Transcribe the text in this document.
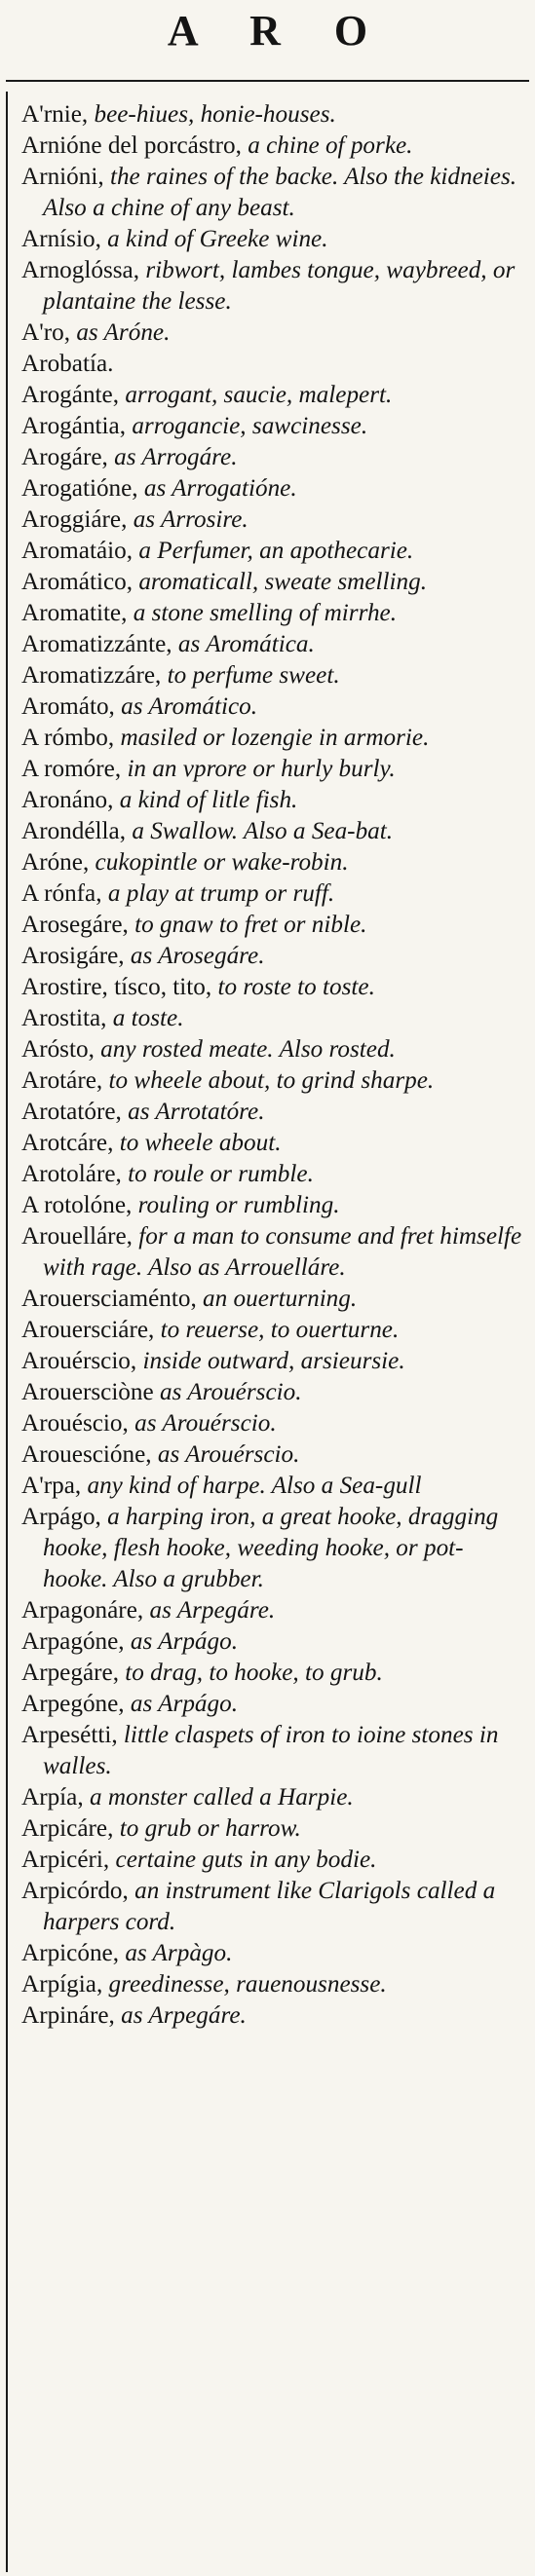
A R O
A'rnie, bee-hiues, honie-houses.
Arnióne del porcástro, a chine of porke.
Arnióni, the raines of the backe. Also the kidneies. Also a chine of any beast.
Arnísio, a kind of Greeke wine.
Arnoglóssa, ribwort, lambes tongue, waybreed, or plantaine the lesse.
A'ro, as Aróne.
Arobatía.
Arogánte, arrogant, saucie, malepert.
Arogántia, arrogancie, sawcinesse.
Arogáre, as Arrogáre.
Arogatióne, as Arrogatióne.
Aroggiáre, as Arrosire.
Aromatáio, a Perfumer, an apothecarie.
Aromático, aromaticall, sweate smelling.
Aromatite, a stone smelling of mirrhe.
Aromatizzánte, as Aromática.
Aromatizzáre, to perfume sweet.
Aromáto, as Aromático.
A rómbo, masiled or lozengie in armorie.
A romóre, in an vprore or hurly burly.
Aronáno, a kind of litle fish.
Arondélla, a Swallow. Also a Sea-bat.
Aróne, cukopintle or wake-robin.
A rónfa, a play at trump or ruff.
Arosegáre, to gnaw to fret or nible.
Arosigáre, as Arosegáre.
Arostire, tísco, tito, to roste to toste.
Arostita, a toste.
Arósto, any rosted meate. Also rosted.
Arotáre, to wheele about, to grind sharpe.
Arotatóre, as Arrotatóre.
Arotcáre, to wheele about.
Arotoláre, to roule or rumble.
A rotolóne, rouling or rumbling.
Arouelláre, for a man to consume and fret himselfe with rage. Also as Arrouelláre.
Arouersciaménto, an ouerturning.
Arouersciáre, to reuerse, to ouerturne.
Arouérscio, inside outward, arsieursie.
Arouersciòne as Arouérscio.
Arouéscio, as Arouérscio.
Arouescióne, as Arouérscio.
A'rpa, any kind of harpe. Also a Sea-gull
Arpágo, a harping iron, a great hooke, dragging hooke, flesh hooke, weeding hooke, or pot-hooke. Also a grubber.
Arpagonáre, as Arpegáre.
Arpagóne, as Arpágo.
Arpegáre, to drag, to hooke, to grub.
Arpegóne, as Arpágo.
Arpesétti, little claspets of iron to ioine stones in walles.
Arpía, a monster called a Harpie.
Arpicáre, to grub or harrow.
Arpicéri, certaine guts in any bodie.
Arpicórdo, an instrument like Clarigols called a harpers cord.
Arpicóne, as Arpàgo.
Arpígia, greedinesse, rauenousnesse.
Arpináre, as Arpegáre.
